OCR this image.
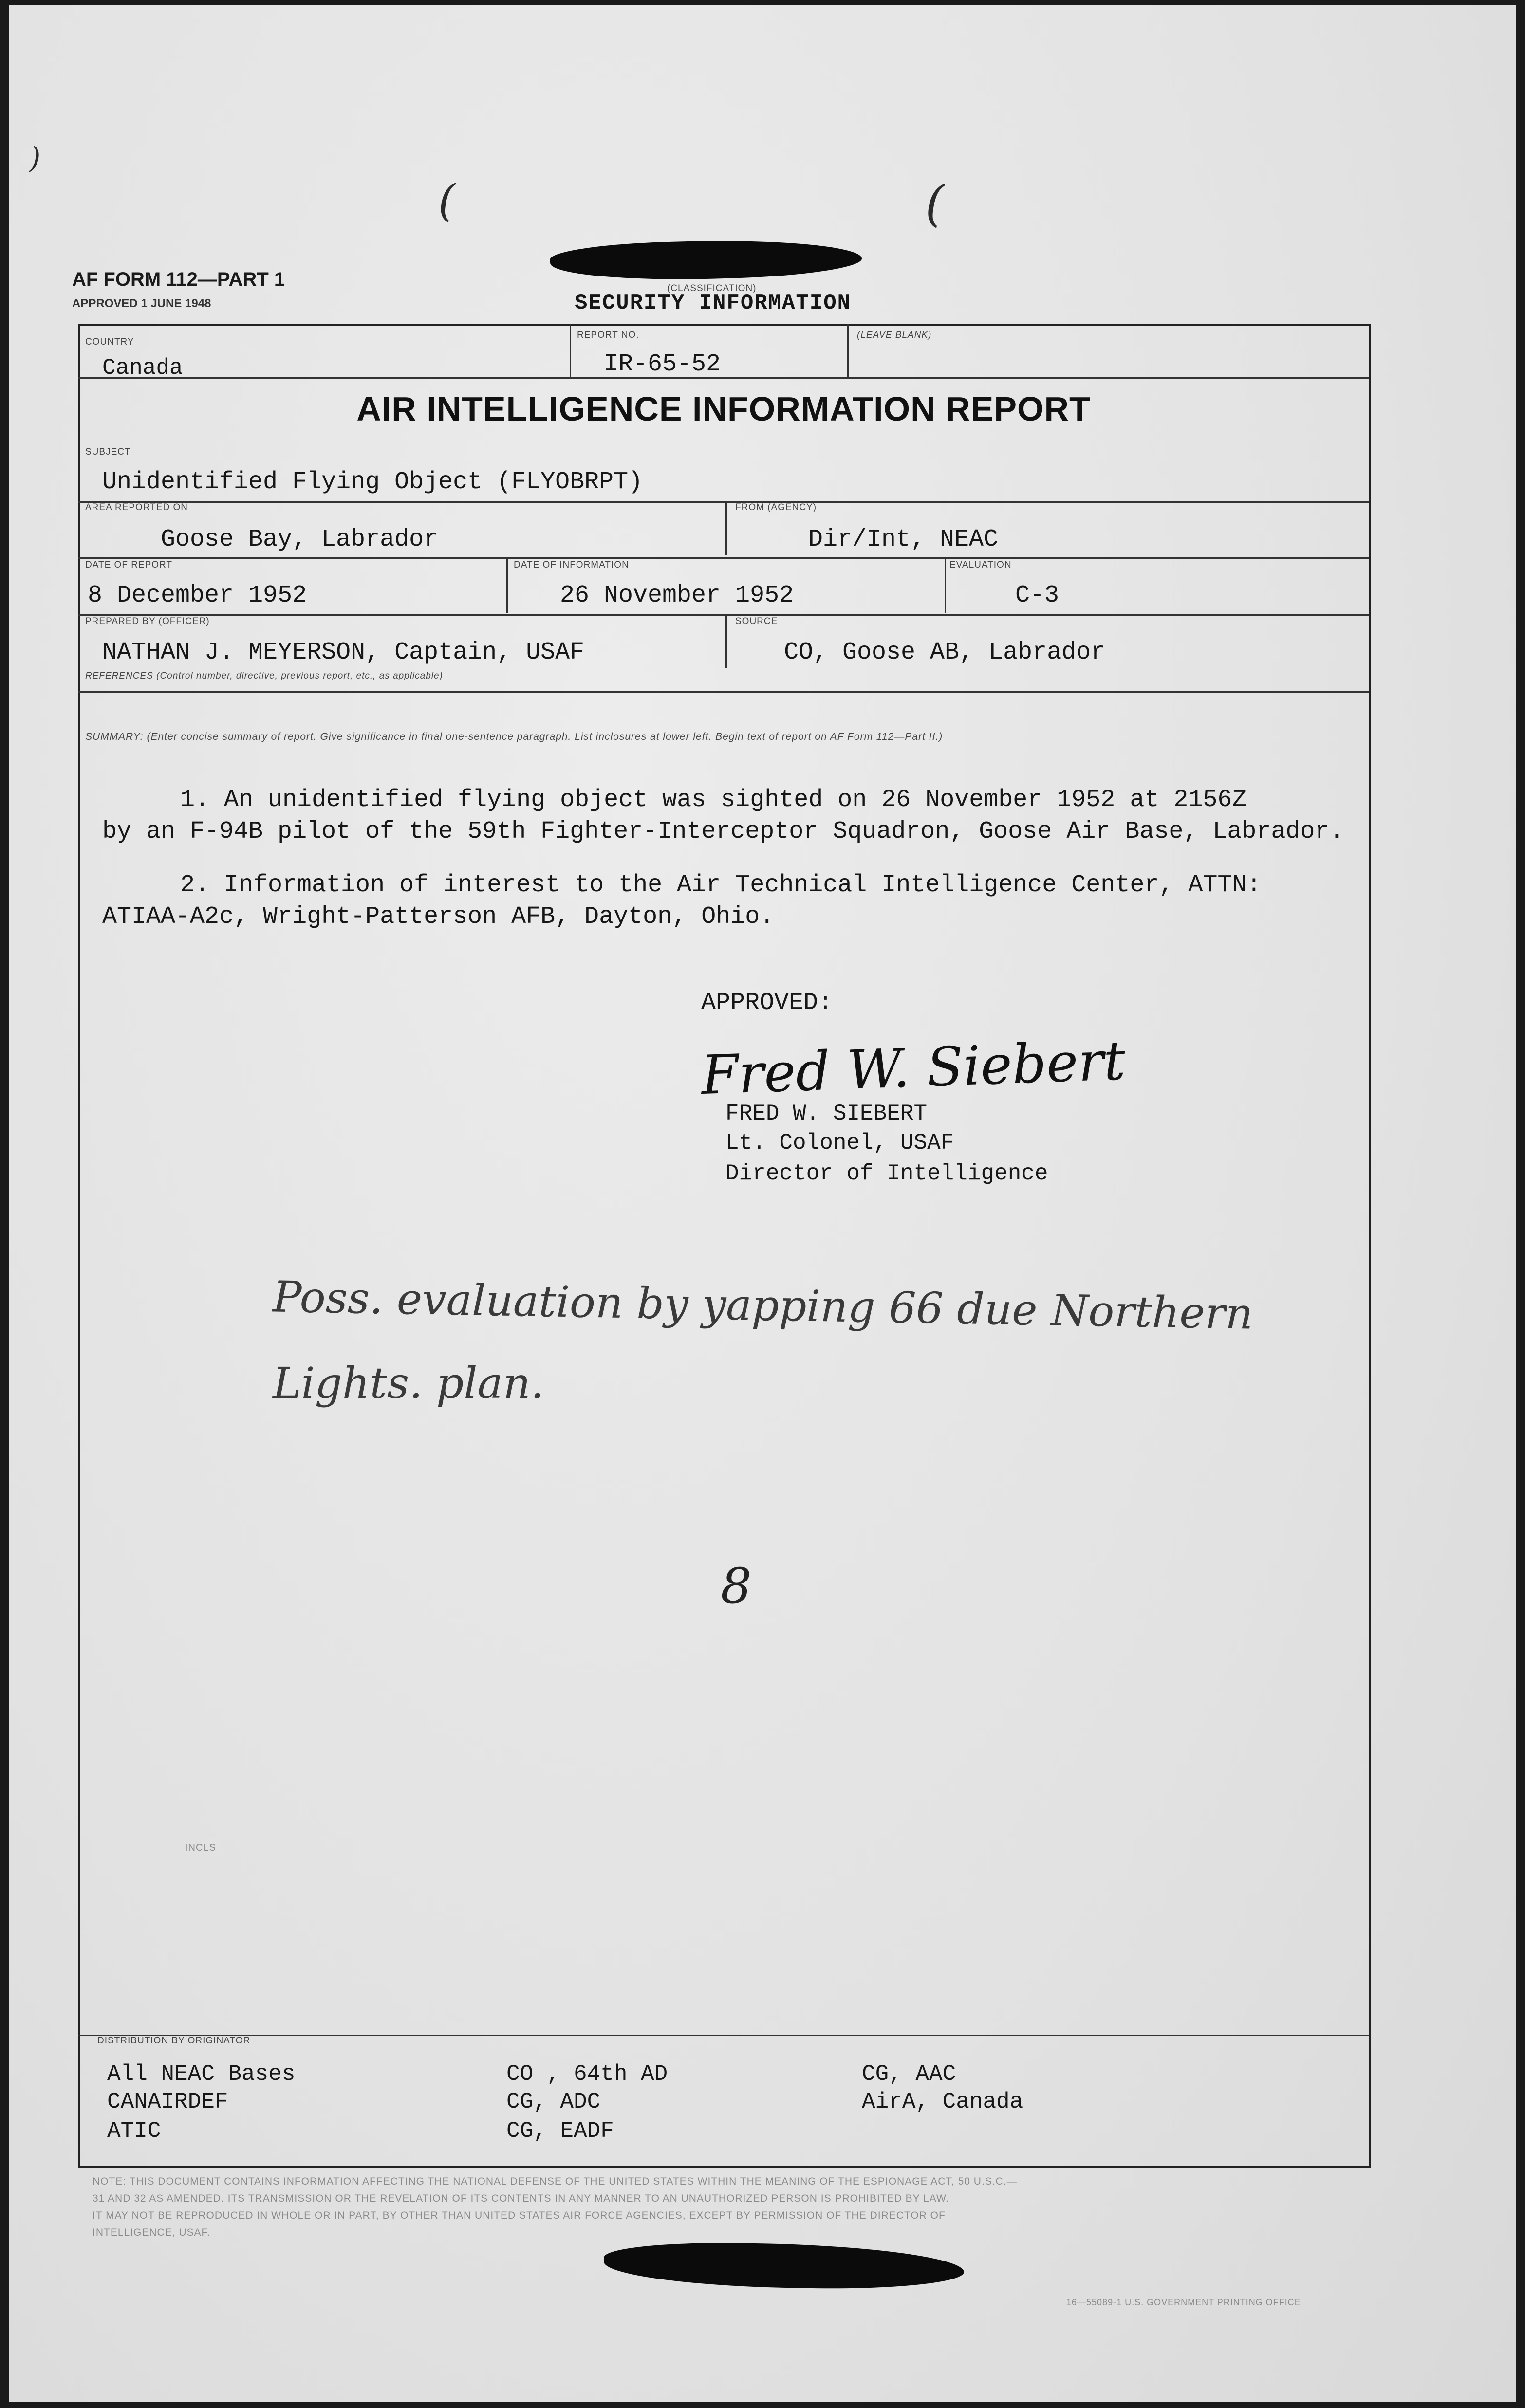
)
(	(
AF FORM 112—PART 1
APPROVED 1 JUNE 1948
(CLASSIFICATION)
SECURITY INFORMATION
COUNTRY
Canada
REPORT NO.
IR-65-52
(LEAVE BLANK)
AIR INTELLIGENCE INFORMATION REPORT
SUBJECT
Unidentified Flying Object (FLYOBRPT)
AREA REPORTED ON
Goose Bay, Labrador
FROM (AGENCY)
Dir/Int, NEAC
DATE OF REPORT
8 December 1952
DATE OF INFORMATION
26 November 1952
EVALUATION
C-3
PREPARED BY (OFFICER)
NATHAN J. MEYERSON, Captain, USAF
SOURCE
CO, Goose AB, Labrador
REFERENCES (Control number, directive, previous report, etc., as applicable)
SUMMARY: (Enter concise summary of report. Give significance in final one-sentence paragraph. List inclosures at lower left. Begin text of report on AF Form 112—Part II.)
1. An unidentified flying object was sighted on 26 November 1952 at 2156Z
by an F-94B pilot of the 59th Fighter-Interceptor Squadron, Goose Air Base, Labrador.
2. Information of interest to the Air Technical Intelligence Center, ATTN:
ATIAA-A2c, Wright-Patterson AFB, Dayton, Ohio.
APPROVED:
Fred W. Siebert
FRED W. SIEBERT
Lt. Colonel, USAF
Director of Intelligence
Poss. evaluation by yapping 66 due Northern
Lights. plan.
8
INCLS
DISTRIBUTION BY ORIGINATOR
All NEAC Bases
CANAIRDEF
ATIC
CO , 64th AD
CG, ADC
CG, EADF
CG, AAC
AirA, Canada
NOTE: THIS DOCUMENT CONTAINS INFORMATION AFFECTING THE NATIONAL DEFENSE OF THE UNITED STATES WITHIN THE MEANING OF THE ESPIONAGE ACT, 50 U.S.C.—
31 AND 32 AS AMENDED. ITS TRANSMISSION OR THE REVELATION OF ITS CONTENTS IN ANY MANNER TO AN UNAUTHORIZED PERSON IS PROHIBITED BY LAW.
IT MAY NOT BE REPRODUCED IN WHOLE OR IN PART, BY OTHER THAN UNITED STATES AIR FORCE AGENCIES, EXCEPT BY PERMISSION OF THE DIRECTOR OF
INTELLIGENCE, USAF.
16—55089-1 U.S. GOVERNMENT PRINTING OFFICE
